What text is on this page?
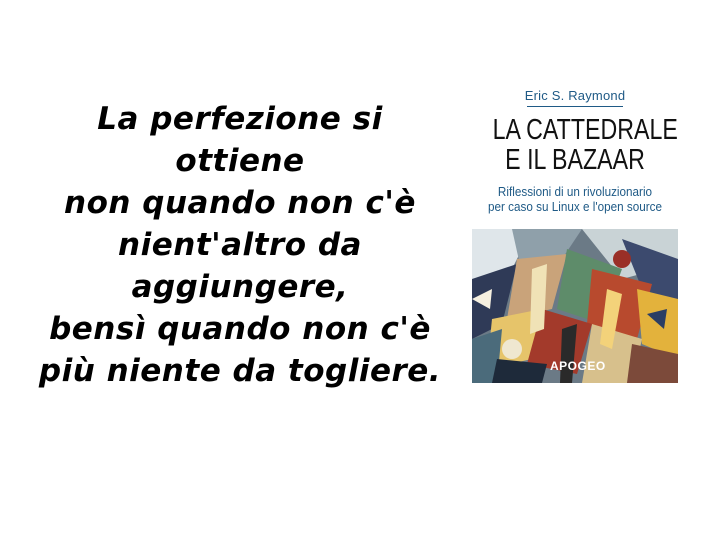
La perfezione si
ottiene
non quando non c'è
nient'altro da
aggiungere,
bensì quando non c'è
più niente da togliere.
Eric S. Raymond
LA CATTEDRALE
E IL BAZAAR
Riflessioni di un rivoluzionario
per caso su Linux e l'open source
APOGEO
